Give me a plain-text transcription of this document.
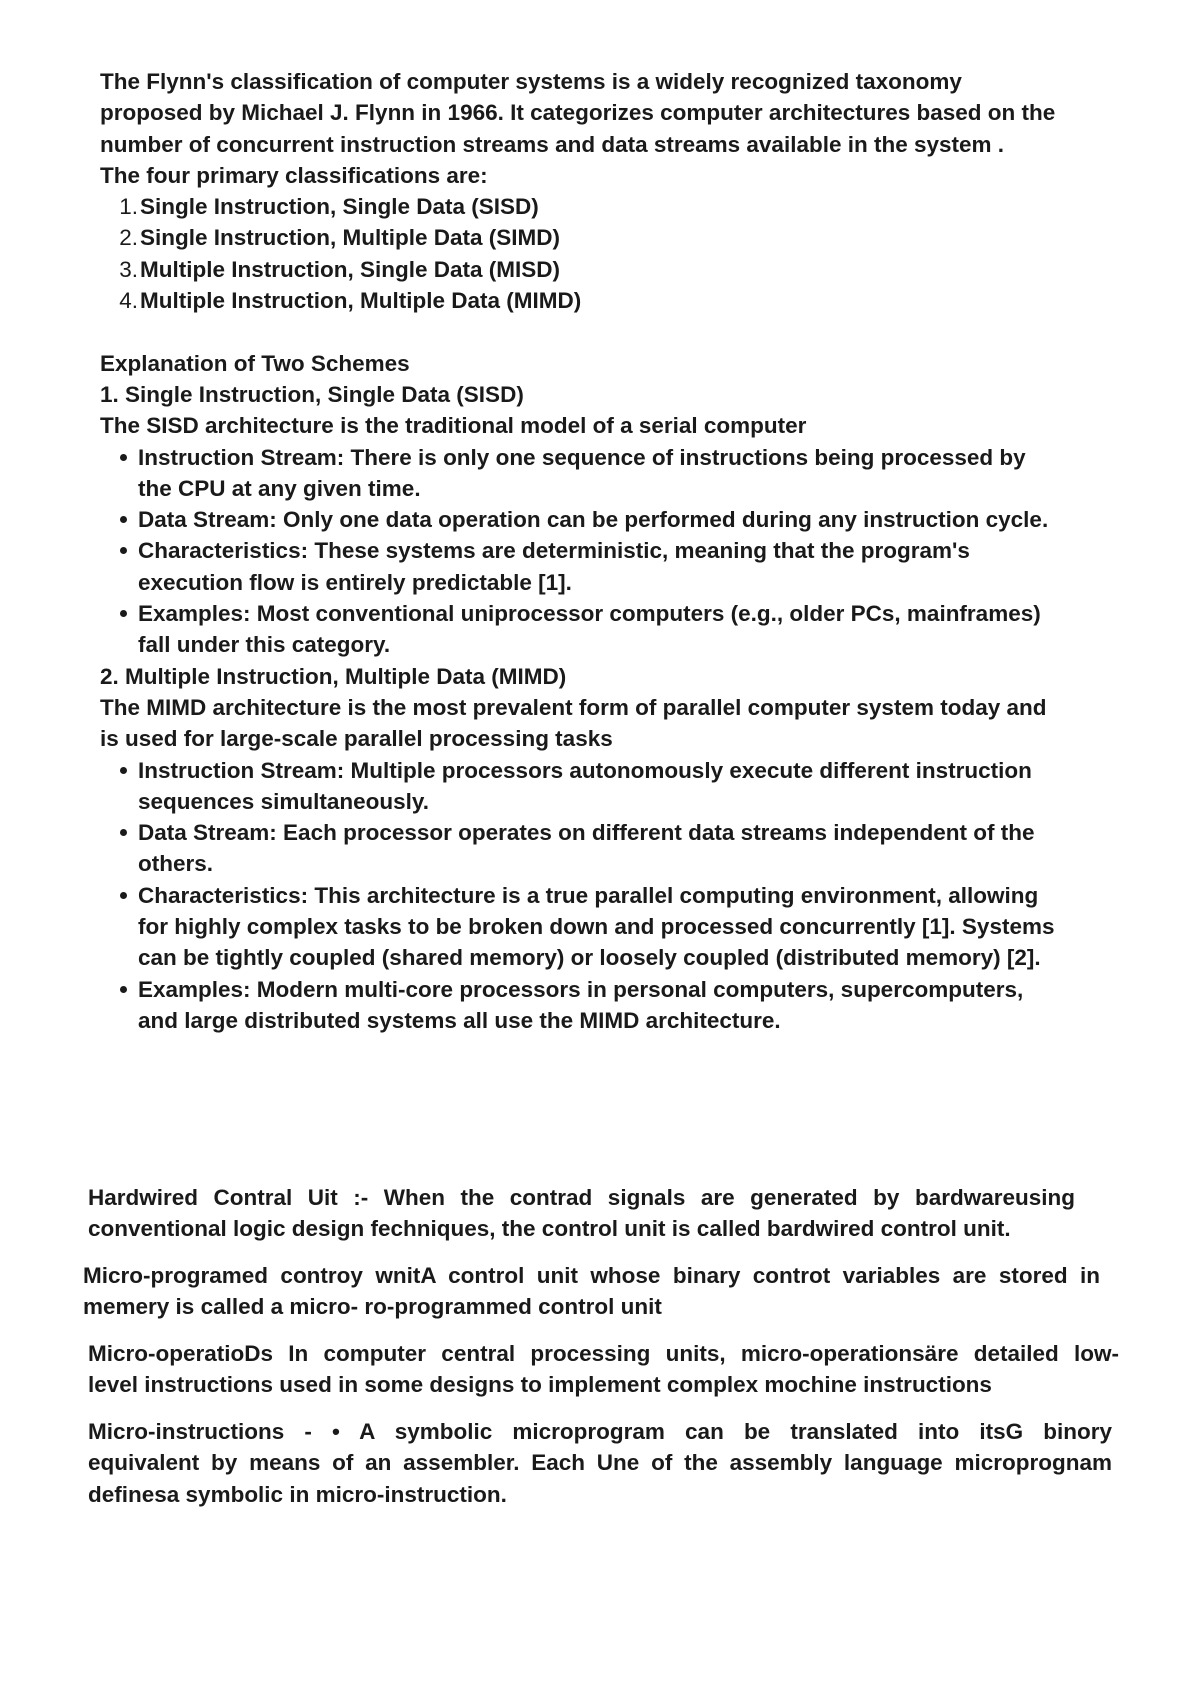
The Flynn's classification of computer systems is a widely recognized taxonomy
proposed by Michael J. Flynn in 1966. It categorizes computer architectures based on the
number of concurrent instruction streams and data streams available in the system .
The four primary classifications are:
1. Single Instruction, Single Data (SISD)
2. Single Instruction, Multiple Data (SIMD)
3. Multiple Instruction, Single Data (MISD)
4. Multiple Instruction, Multiple Data (MIMD)
Explanation of Two Schemes
1. Single Instruction, Single Data (SISD)
The SISD architecture is the traditional model of a serial computer
Instruction Stream: There is only one sequence of instructions being processed by
the CPU at any given time.
Data Stream: Only one data operation can be performed during any instruction cycle.
Characteristics: These systems are deterministic, meaning that the program's
execution flow is entirely predictable [1].
Examples: Most conventional uniprocessor computers (e.g., older PCs, mainframes)
fall under this category.
2. Multiple Instruction, Multiple Data (MIMD)
The MIMD architecture is the most prevalent form of parallel computer system today and
is used for large-scale parallel processing tasks
Instruction Stream: Multiple processors autonomously execute different instruction
sequences simultaneously.
Data Stream: Each processor operates on different data streams independent of the
others.
Characteristics: This architecture is a true parallel computing environment, allowing
for highly complex tasks to be broken down and processed concurrently [1]. Systems
can be tightly coupled (shared memory) or loosely coupled (distributed memory) [2].
Examples: Modern multi-core processors in personal computers, supercomputers,
and large distributed systems all use the MIMD architecture.
Hardwired Contral Uit :- When the contrad signals are generated by bardwareusing
conventional logic design fechniques, the control unit is called bardwired control unit.
Micro-programed controy wnitA control unit whose binary controt variables are stored in
memery is called a micro- ro-programmed control unit
Micro-operatioDs In computer central processing units, micro-operationsäre detailed low-
level instructions used in some designs to implement complex mochine instructions
Micro-instructions - • A symbolic microprogram can be translated into itsG binory
equivalent by means of an assembler. Each Une of the assembly language microprognam
definesa symbolic in micro-instruction.
